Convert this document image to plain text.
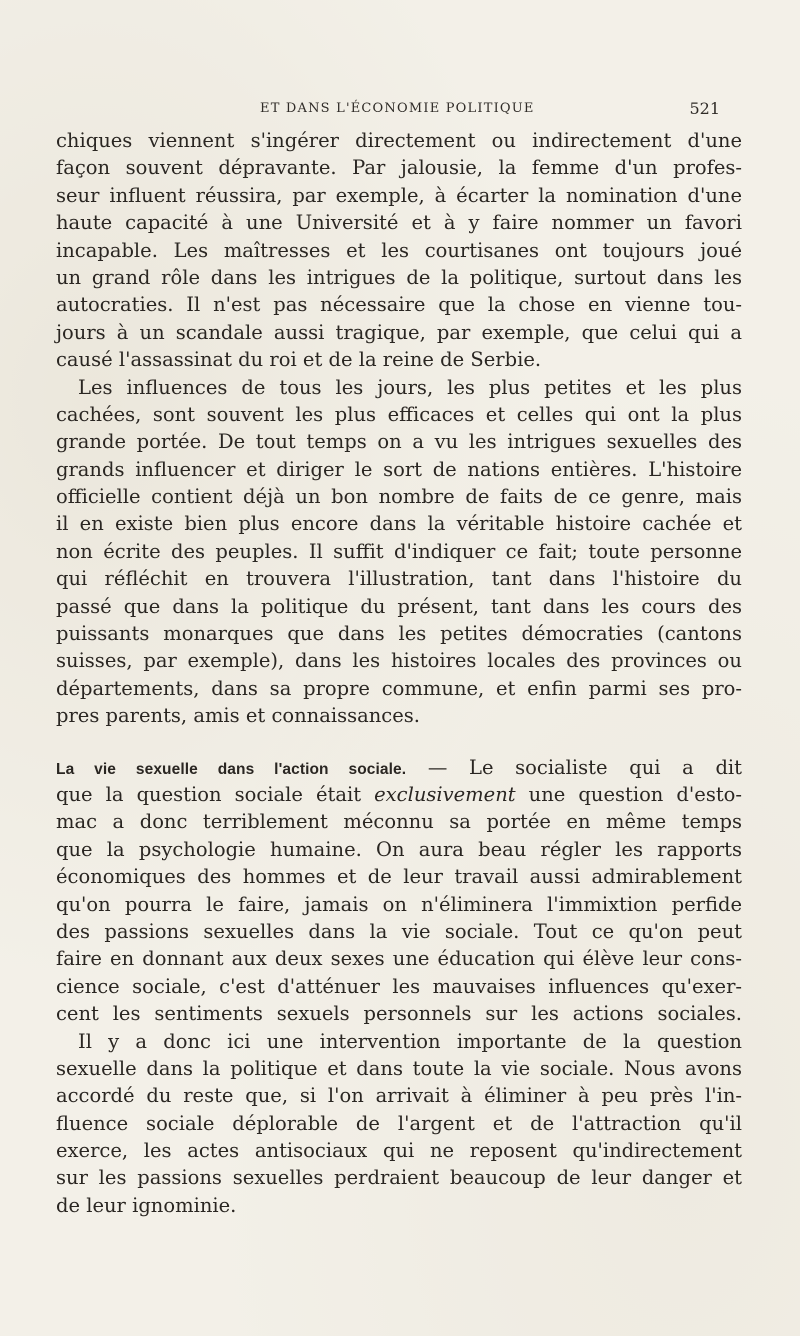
ET DANS L'ÉCONOMIE POLITIQUE	521
chiques viennent s'ingérer directement ou indirectement d'une
façon souvent dépravante. Par jalousie, la femme d'un profes-
seur influent réussira, par exemple, à écarter la nomination d'une
haute capacité à une Université et à y faire nommer un favori
incapable. Les maîtresses et les courtisanes ont toujours joué
un grand rôle dans les intrigues de la politique, surtout dans les
autocraties. Il n'est pas nécessaire que la chose en vienne tou-
jours à un scandale aussi tragique, par exemple, que celui qui a
causé l'assassinat du roi et de la reine de Serbie.
Les influences de tous les jours, les plus petites et les plus
cachées, sont souvent les plus efficaces et celles qui ont la plus
grande portée. De tout temps on a vu les intrigues sexuelles des
grands influencer et diriger le sort de nations entières. L'histoire
officielle contient déjà un bon nombre de faits de ce genre, mais
il en existe bien plus encore dans la véritable histoire cachée et
non écrite des peuples. Il suffit d'indiquer ce fait; toute personne
qui réfléchit en trouvera l'illustration, tant dans l'histoire du
passé que dans la politique du présent, tant dans les cours des
puissants monarques que dans les petites démocraties (cantons
suisses, par exemple), dans les histoires locales des provinces ou
départements, dans sa propre commune, et enfin parmi ses pro-
pres parents, amis et connaissances.
La vie sexuelle dans l'action sociale. — Le socialiste qui a dit
que la question sociale était exclusivement une question d'esto-
mac a donc terriblement méconnu sa portée en même temps
que la psychologie humaine. On aura beau régler les rapports
économiques des hommes et de leur travail aussi admirablement
qu'on pourra le faire, jamais on n'éliminera l'immixtion perfide
des passions sexuelles dans la vie sociale. Tout ce qu'on peut
faire en donnant aux deux sexes une éducation qui élève leur cons-
cience sociale, c'est d'atténuer les mauvaises influences qu'exer-
cent les sentiments sexuels personnels sur les actions sociales.
Il y a donc ici une intervention importante de la question
sexuelle dans la politique et dans toute la vie sociale. Nous avons
accordé du reste que, si l'on arrivait à éliminer à peu près l'in-
fluence sociale déplorable de l'argent et de l'attraction qu'il
exerce, les actes antisociaux qui ne reposent qu'indirectement
sur les passions sexuelles perdraient beaucoup de leur danger et
de leur ignominie.
